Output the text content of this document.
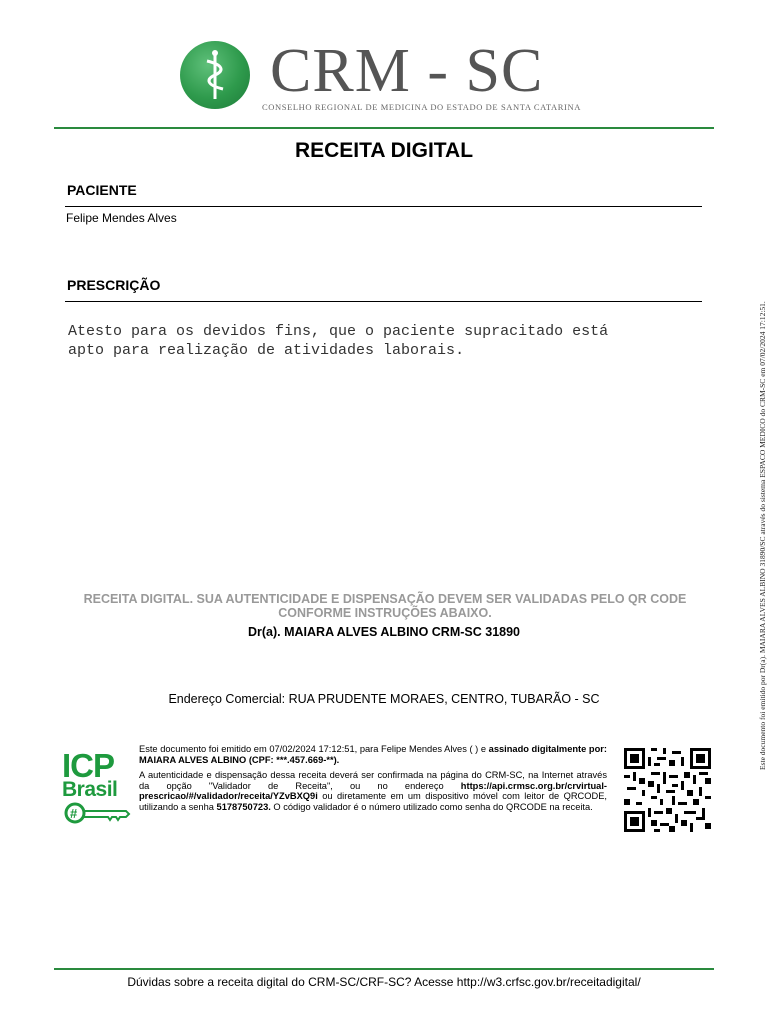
CRM - SC
CONSELHO REGIONAL DE MEDICINA DO ESTADO DE SANTA CATARINA
RECEITA DIGITAL
PACIENTE
Felipe Mendes Alves
PRESCRIÇÃO
Atesto para os devidos fins, que o paciente supracitado está
apto para realização de atividades laborais.
RECEITA DIGITAL. SUA AUTENTICIDADE E DISPENSAÇÃO DEVEM SER VALIDADAS PELO QR CODE
CONFORME INSTRUÇÕES ABAIXO.
Dr(a). MAIARA ALVES ALBINO CRM-SC 31890
Endereço Comercial: RUA PRUDENTE MORAES, CENTRO, TUBARÃO - SC
ICP
Brasil
#

Este documento foi emitido em 07/02/2024 17:12:51, para Felipe Mendes Alves ( ) e assinado digitalmente por: MAIARA ALVES ALBINO (CPF: ***.457.669-**).

A autenticidade e dispensação dessa receita deverá ser confirmada na página do CRM-SC, na Internet através da opção "Validador de Receita", ou no endereço https://api.crmsc.org.br/crvirtual-prescricao/#/validador/receita/YZvBXQ9i ou diretamente em um dispositivo móvel com leitor de QRCODE, utilizando a senha 5178750723. O código validador é o número utilizado como senha do QRCODE na receita.

Dúvidas sobre a receita digital do CRM-SC/CRF-SC? Acesse http://w3.crfsc.gov.br/receitadigital/
Este documento foi emitido por Dr(a). MAIARA ALVES ALBINO 31890/SC através do sistema ESPACO MEDICO do CRM-SC em 07/02/2024 17:12:51.
